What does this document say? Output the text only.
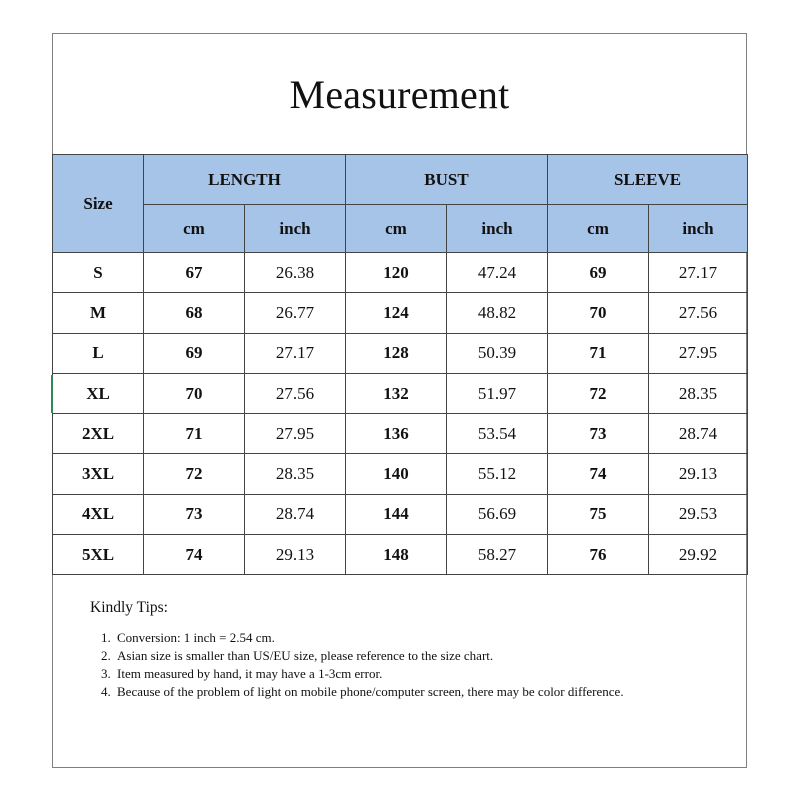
Measurement
Size	LENGTH		BUST		SLEEVE	
	cm	inch	cm	inch	cm	inch
S	67	26.38	120	47.24	69	27.17
M	68	26.77	124	48.82	70	27.56
L	69	27.17	128	50.39	71	27.95
XL	70	27.56	132	51.97	72	28.35
2XL	71	27.95	136	53.54	73	28.74
3XL	72	28.35	140	55.12	74	29.13
4XL	73	28.74	144	56.69	75	29.53
5XL	74	29.13	148	58.27	76	29.92
Kindly Tips:
1. Conversion: 1 inch = 2.54 cm.
2. Asian size is smaller than US/EU size, please reference to the size chart.
3. Item measured by hand, it may have a 1-3cm error.
4. Because of the problem of light on mobile phone/computer screen, there may be color difference.
